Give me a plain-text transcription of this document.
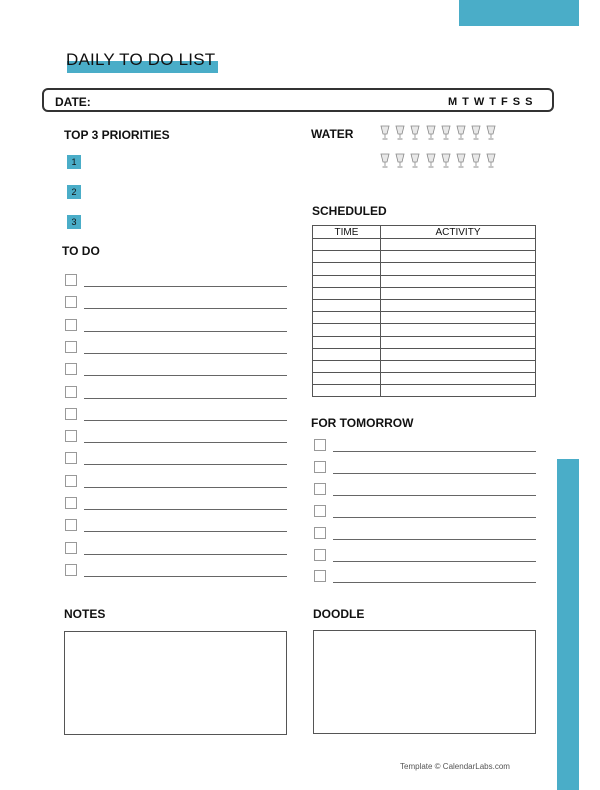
DAILY TO DO LIST
DATE:	M T W T F S S
TOP 3 PRIORITIES
1
2
3
WATER
SCHEDULED
TIME	ACTIVITY

TO DO
FOR TOMORROW
NOTES	DOODLE
Template © CalendarLabs.com
